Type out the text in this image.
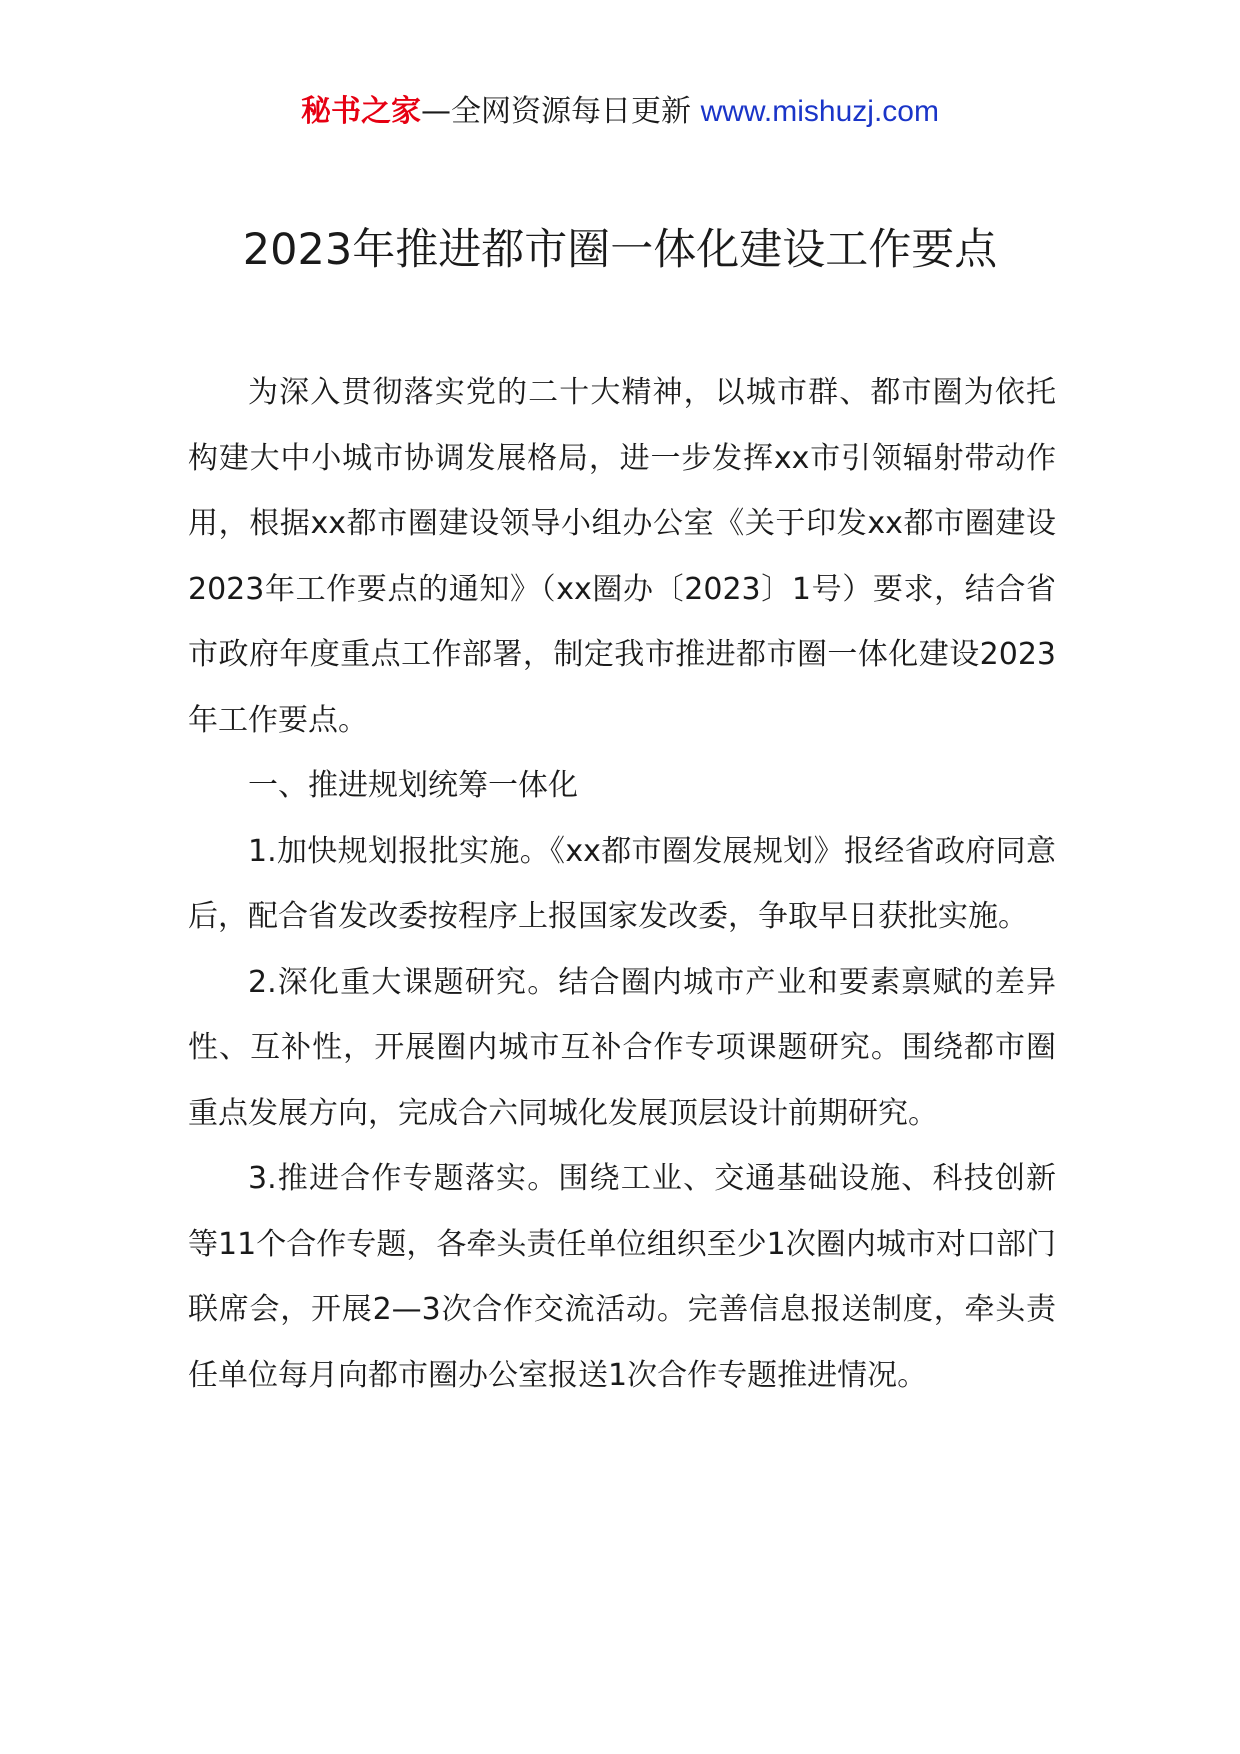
秘书之家—全网资源每日更新 www.mishuzj.com
2023年推进都市圈一体化建设工作要点

为深入贯彻落实党的二十大精神，以城市群、都市圈为依托构建大中小城市协调发展格局，进一步发挥xx市引领辐射带动作用，根据xx都市圈建设领导小组办公室《关于印发xx都市圈建设2023年工作要点的通知》（xx圈办〔2023〕1号）要求，结合省市政府年度重点工作部署，制定我市推进都市圈一体化建设2023年工作要点。

一、推进规划统筹一体化

1.加快规划报批实施。《xx都市圈发展规划》报经省政府同意后，配合省发改委按程序上报国家发改委，争取早日获批实施。

2.深化重大课题研究。结合圈内城市产业和要素禀赋的差异性、互补性，开展圈内城市互补合作专项课题研究。围绕都市圈重点发展方向，完成合六同城化发展顶层设计前期研究。

3.推进合作专题落实。围绕工业、交通基础设施、科技创新等11个合作专题，各牵头责任单位组织至少1次圈内城市对口部门联席会，开展2—3次合作交流活动。完善信息报送制度，牵头责任单位每月向都市圈办公室报送1次合作专题推进情况。
